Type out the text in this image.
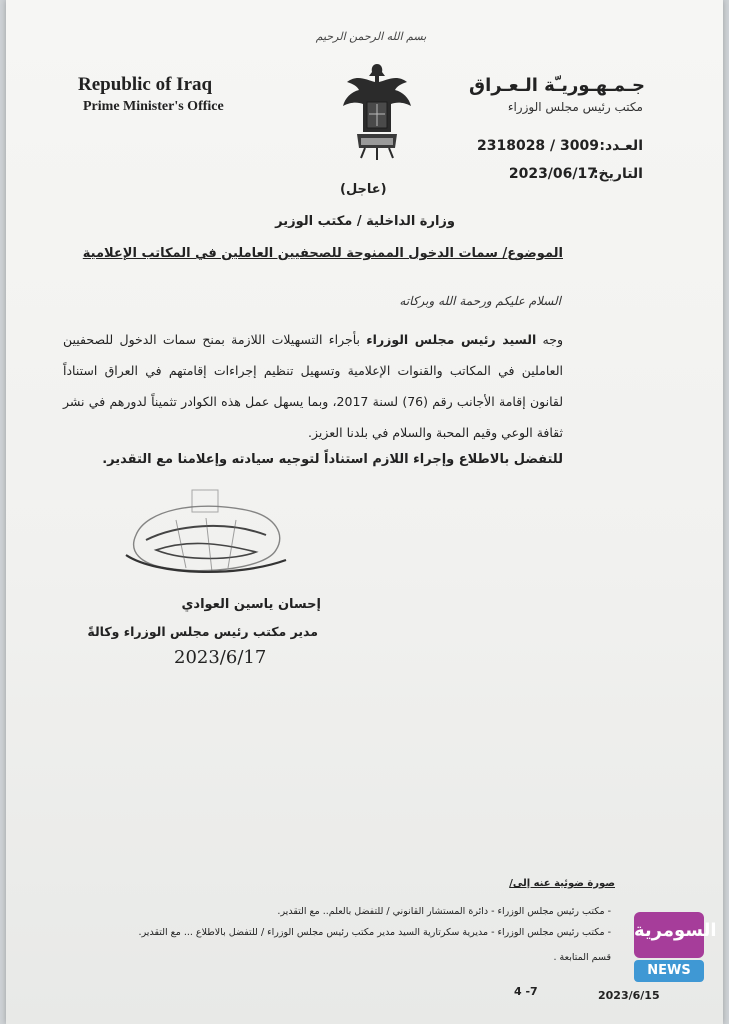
بسم الله الرحمن الرحيم
Republic of Iraq
Prime Minister's Office
جـمـهـوريـّة الـعـراق
مكتب رئيس مجلس الوزراء
العـدد:
2318028 / 3009
التاريخ:
2023/06/17
(عاجل)
وزارة الداخلية / مكتب الوزير
الموضوع/ سمات الدخول الممنوحة للصحفيين العاملين في المكاتب الإعلامية
السلام عليكم ورحمة الله وبركاته
وجه السيد رئيس مجلس الوزراء بأجراء التسهيلات اللازمة بمنح سمات الدخول للصحفيين العاملين في المكاتب والقنوات الإعلامية وتسهيل تنظيم إجراءات إقامتهم في العراق استناداً لقانون إقامة الأجانب رقم (76) لسنة 2017، وبما يسهل عمل هذه الكوادر تثميناً لدورهم في نشر ثقافة الوعي وقيم المحبة والسلام في بلدنا العزيز.
للتفضل بالاطلاع وإجراء اللازم استناداً لتوجيه سيادته وإعلامنا مع التقدير.
إحسان ياسين العوادي
مدير مكتب رئيس مجلس الوزراء وكالةً
2023/6/17
صورة ضوئية عنه إلى/
- مكتب رئيس مجلس الوزراء - دائرة المستشار القانوني / للتفضل بالعلم.. مع التقدير.
- مكتب رئيس مجلس الوزراء - مديرية سكرتارية السيد مدير مكتب رئيس مجلس الوزراء / للتفضل بالاطلاع ... مع التقدير.
قسم المتابعة .
4 -7	2023/6/15
السومرية
NEWS
